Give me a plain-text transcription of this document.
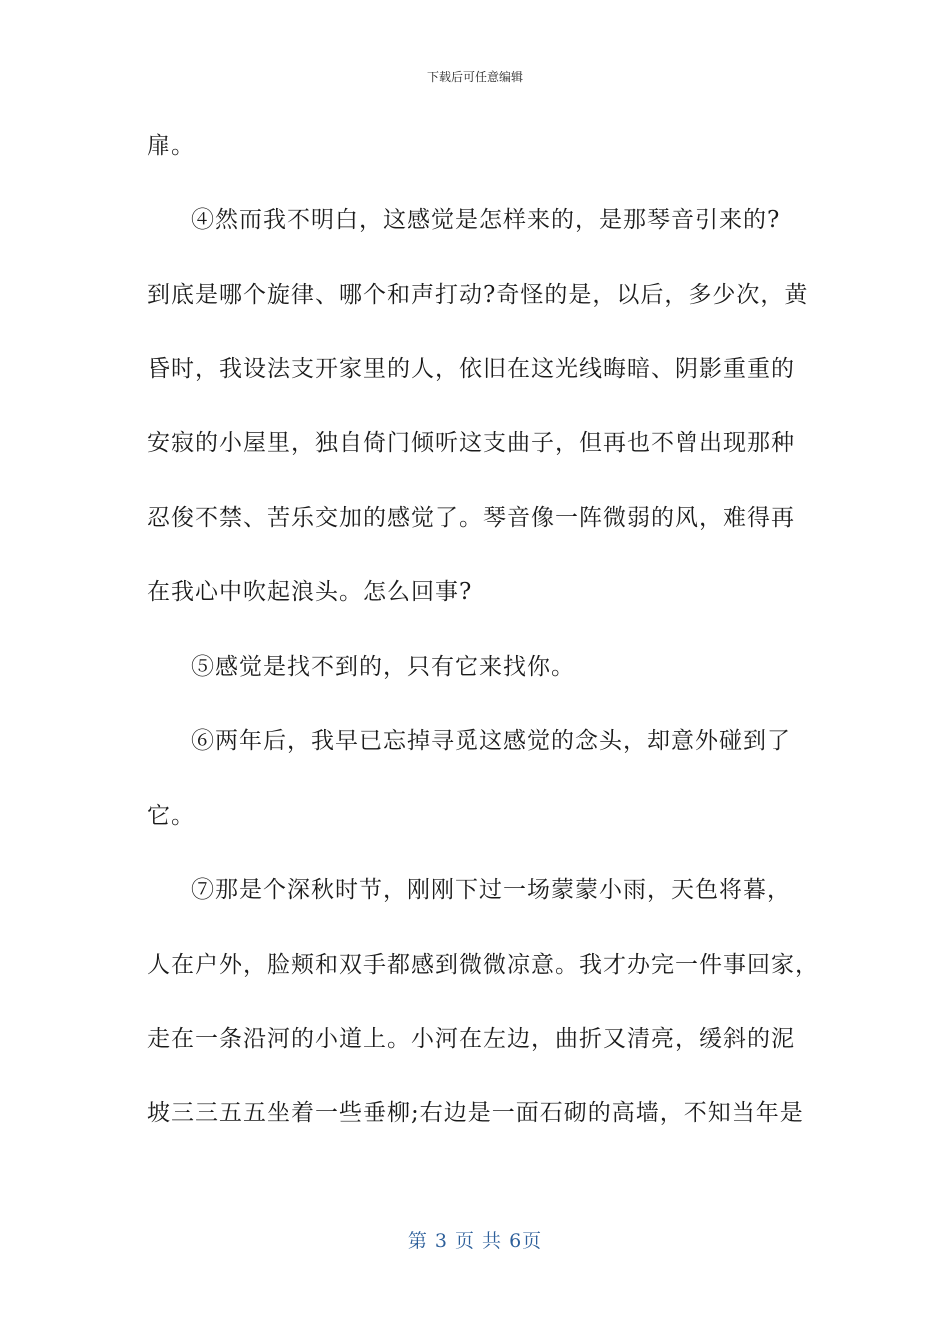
下载后可任意编辑
扉。
④然而我不明白，这感觉是怎样来的，是那琴音引来的?
到底是哪个旋律、哪个和声打动?奇怪的是，以后，多少次，黄
昏时，我设法支开家里的人，依旧在这光线晦暗、阴影重重的
安寂的小屋里，独自倚门倾听这支曲子，但再也不曾出现那种
忍俊不禁、苦乐交加的感觉了。琴音像一阵微弱的风，难得再
在我心中吹起浪头。怎么回事?
⑤感觉是找不到的，只有它来找你。
⑥两年后，我早已忘掉寻觅这感觉的念头，却意外碰到了
它。
⑦那是个深秋时节，刚刚下过一场蒙蒙小雨，天色将暮，
人在户外，脸颊和双手都感到微微凉意。我才办完一件事回家，
走在一条沿河的小道上。小河在左边，曲折又清亮，缓斜的泥
坡三三五五坐着一些垂柳;右边是一面石砌的高墙，不知当年是
第 3 页 共 6页
